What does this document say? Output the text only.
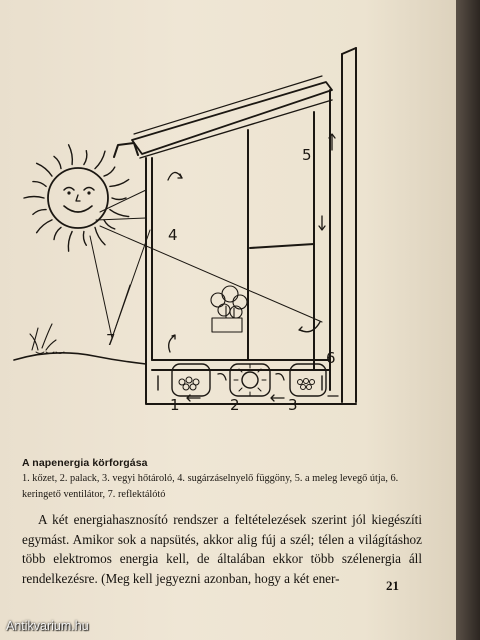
4
5
6
7
1	2	3
A napenergia körforgása
1. kőzet, 2. palack, 3. vegyi hőtároló, 4. sugárzáselnyelő függöny, 5. a meleg levegő útja, 6. keringető ventilátor, 7. reflektálótó

A két energiahasznosító rendszer a feltételezések szerint jól kiegészíti egymást. Amikor sok a napsütés, akkor alig fúj a szél; télen a világításhoz több elektromos energia kell, de általában ekkor több szélenergia áll rendelkezésre. (Meg kell jegyezni azonban, hogy a két ener-	21
Antikvarium.hu
